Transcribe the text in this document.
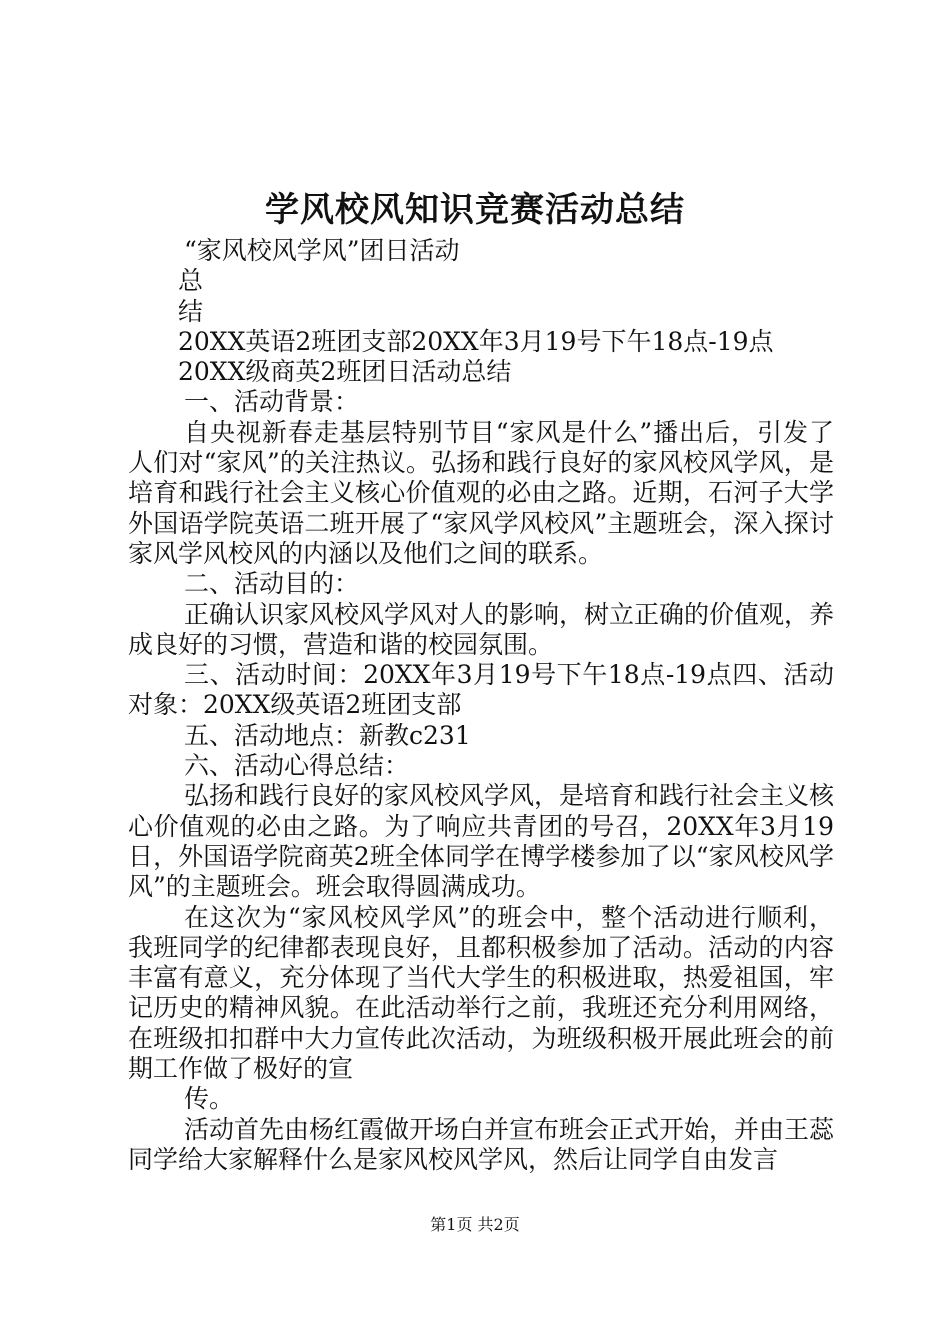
学风校风知识竞赛活动总结

“家风校风学风”团日活动

总

结

20XX英语2班团支部20XX年3月19号下午18点-19点

20XX级商英2班团日活动总结

一、活动背景：

自央视新春走基层特别节目“家风是什么”播出后，引发了人们对“家风”的关注热议。弘扬和践行良好的家风校风学风，是培育和践行社会主义核心价值观的必由之路。近期，石河子大学外国语学院英语二班开展了“家风学风校风”主题班会，深入探讨家风学风校风的内涵以及他们之间的联系。

二、活动目的：

正确认识家风校风学风对人的影响，树立正确的价值观，养成良好的习惯，营造和谐的校园氛围。

三、活动时间：20XX年3月19号下午18点-19点四、活动对象：20XX级英语2班团支部

五、活动地点：新教c231

六、活动心得总结：

弘扬和践行良好的家风校风学风，是培育和践行社会主义核心价值观的必由之路。为了响应共青团的号召，20XX年3月19日，外国语学院商英2班全体同学在博学楼参加了以“家风校风学风”的主题班会。班会取得圆满成功。

在这次为“家风校风学风”的班会中，整个活动进行顺利，我班同学的纪律都表现良好，且都积极参加了活动。活动的内容丰富有意义，充分体现了当代大学生的积极进取，热爱祖国，牢记历史的精神风貌。在此活动举行之前，我班还充分利用网络，在班级扣扣群中大力宣传此次活动，为班级积极开展此班会的前期工作做了极好的宣

传。

活动首先由杨红霞做开场白并宣布班会正式开始，并由王蕊同学给大家解释什么是家风校风学风，然后让同学自由发言

第1页 共2页
